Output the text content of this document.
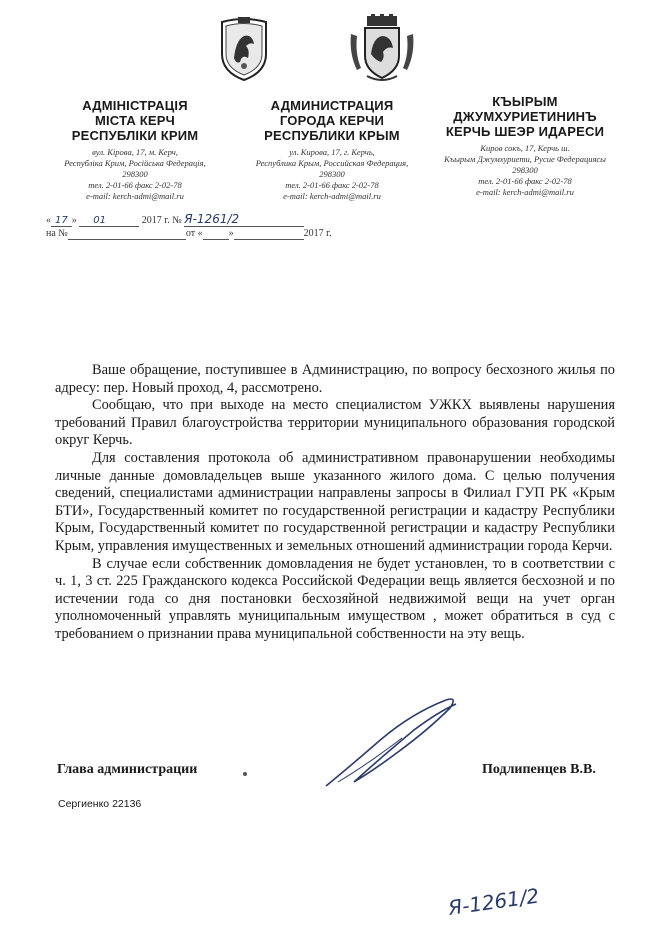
АДМІНІСТРАЦІЯ
МІСТА КЕРЧ
РЕСПУБЛІКИ КРИМ
вул. Кірова, 17, м. Керч,
Республіка Крим, Російська Федерація,
298300
тел. 2-01-66 факс 2-02-78
e-mail: kerch-admi@mail.ru
АДМИНИСТРАЦИЯ
ГОРОДА КЕРЧИ
РЕСПУБЛИКИ КРЫМ
ул. Кирова, 17, г. Керчь,
Республика Крым, Российская Федерация,
298300
тел. 2-01-66 факс 2-02-78
e-mail: kerch-admi@mail.ru
КЪЫРЫМ
ДЖУМХУРИЕТИНИНЪ
КЕРЧЬ ШЕЭР ИДАРЕСИ
Киров сокъ, 17, Керчь ш.
Къырым Джумхуриети, Русие Федерациясы
298300
тел. 2-01-66 факс 2-02-78
e-mail: kerch-admi@mail.ru
« 17 » 01	2017 г. № Я-1261/2
на №	от «	»	2017 г.

Ваше обращение, поступившее в Администрацию, по вопросу бесхозного жилья по адресу: пер. Новый проход, 4, рассмотрено.

Сообщаю, что при выходе на место специалистом УЖКХ выявлены нарушения требований Правил благоустройства территории муниципального образования городской округ Керчь.

Для составления протокола об административном правонарушении необходимы личные данные домовладельцев выше указанного жилого дома. С целью получения сведений, специалистами администрации направлены запросы в Филиал ГУП РК «Крым БТИ», Государственный комитет по государственной регистрации и кадастру Республики Крым, Государственный комитет по государственной регистрации и кадастру Республики Крым, управления имущественных и земельных отношений администрации города Керчи.

В случае если собственник домовладения не будет установлен, то в соответствии с ч. 1, 3 ст. 225 Гражданского кодекса Российской Федерации вещь является бесхозной и по истечении года со дня постановки бесхозяйной недвижимой вещи на учет орган уполномоченный управлять муниципальным имуществом , может обратиться в суд с требованием о признании права муниципальной собственности на эту вещь.

Глава администрации	Подлипенцев В.В.
Сергиенко 22136
Я-1261/2
